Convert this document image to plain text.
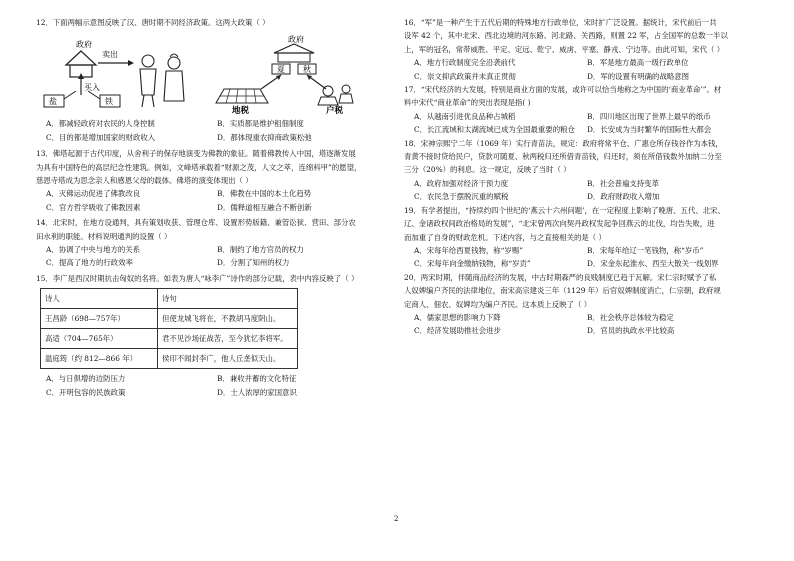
12．下面两幅示意图反映了汉、唐时期不同经济政策。这两大政策（ ）

政府
卖出
买入
盐	铁
政府
夏 秋
地税	户税
A．都减轻政府对农民的人身控制	B．实质都是维护租佃制度
C．目的都是增加国家的财政收入	D．都体现重农抑商政策松弛

13．佛塔起源于古代印度，从舍利子的保存地演变为佛教的象征。随着佛教传入中国，塔逐渐发展

为具有中国特色的高层纪念性建筑。例如，文峰塔承载着“财源之茂，人文之萃，连绵科甲”的愿望，

慈恩寺塔成为思念亲人和感恩父母的载体。佛塔的演变体现出（ ）

A．灭佛运动促进了佛教改良	B．佛教在中国的本土化趋势
C．官方哲学吸收了佛教因素	D．儒释道相互融合不断创新

14．北宋时，在地方设通判，具有策划收获、管理仓库、设置形势版籍、兼管讼狱、营田、部分农

田水利的职能。材料说明通判的设置（ ）

A．协调了中央与地方的关系	B．制约了地方官员的权力
C．提高了地方的行政效率	D．分割了知州的权力

15．李广是西汉时期抗击匈奴的名将。如表为唐人“咏李广”诗作的部分记载，表中内容反映了（ ）

诗人	诗句
王昌龄（698—757年）	但使龙城飞将在，不教胡马度阴山。
高适（704—765年）	君不见沙场征战苦，至今犹忆李将军。
温庭筠（约 812—866 年）	侯印不闻封李广，他人丘垄似天山。
A．与日俱增的边防压力	B．兼收并蓄的文化特征
C．开明包容的民族政策	D．士人浓厚的家国意识

16．“军”是一种产生于五代后期的特殊地方行政单位，宋时扩广泛设置。据统计，宋代前后一共

设军 42 个，其中北宋、西北边境的河东路、河北路、关西路，则置 22 军，占全国军的总数一半以

上，军的冠名，常带威胜、平定、定远、乾宁、威虏、平塞、静戎、宁边等。由此可知，宋代（ ）

A．地方行政制度完全沿袭前代	B．军是地方最高一级行政单位
C．崇文抑武政策并未真正贯彻	D．军的设置有明确的战略意图

17．“宋代经济的大发展，特别是商业方面的发展，或许可以恰当地称之为中国的‘商业革命’”。材

料中宋代“商业革命”的突出表现是指( )

A．从越南引进优良品种占城稻	B．四川地区出现了世界上最早的纸币
C．长江流域和太湖流域已成为全国最重要的粮仓	D．长安成为当时繁华的国际性大都会

18．宋神宗熙宁二年（1069 年）实行青苗法，规定：政府将常平仓、广惠仓所存钱谷作为本钱，

青黄不接时贷给民户，贷款可随夏、秋两税归还所借青苗钱，归还时，须在所借钱数外加纳二分至

三分（20%）的利息。这一规定，反映了当时（ ）

A．政府加强对经济干预力度	B．社会普遍支持变革
C．农民急于摆脱沉重的赋税	D．政府财政收入增加

19．有学者提出，“持续约四个世纪的‘燕云十六州问题’，在一定程度上影响了晚唐、五代、北宋、

辽、金诸政权间政治格局的发展”，“北宋曾两次向契丹政权发起争回燕云的北伐，均告失败，进

而加重了自身的财政危机。下述内容，与之直接相关的是（ ）

A．宋每年给西夏钱物，称“岁赐”	B．宋每年给辽一笔钱物，称“岁币”
C．宋每年向金缴纳钱物，称“岁贡”	D．宋金东起淮水、西至大散关一线划界

20．两宋时期，伴随商品经济的发展，中古时期森严的良贱制度已趋于瓦解。宋仁宗时赋予了私

人奴婢编户齐民的法律地位，南宋高宗建炎三年（1129 年）后官奴婢制度消亡，仁宗朝，政府规

定商人、佃农、奴婢均为编户齐民。这本质上反映了（ ）

A．儒家思想的影响力下降	B．社会秩序总体较为稳定
C．经济发展助推社会进步	D．官员的执政水平比较高
2
